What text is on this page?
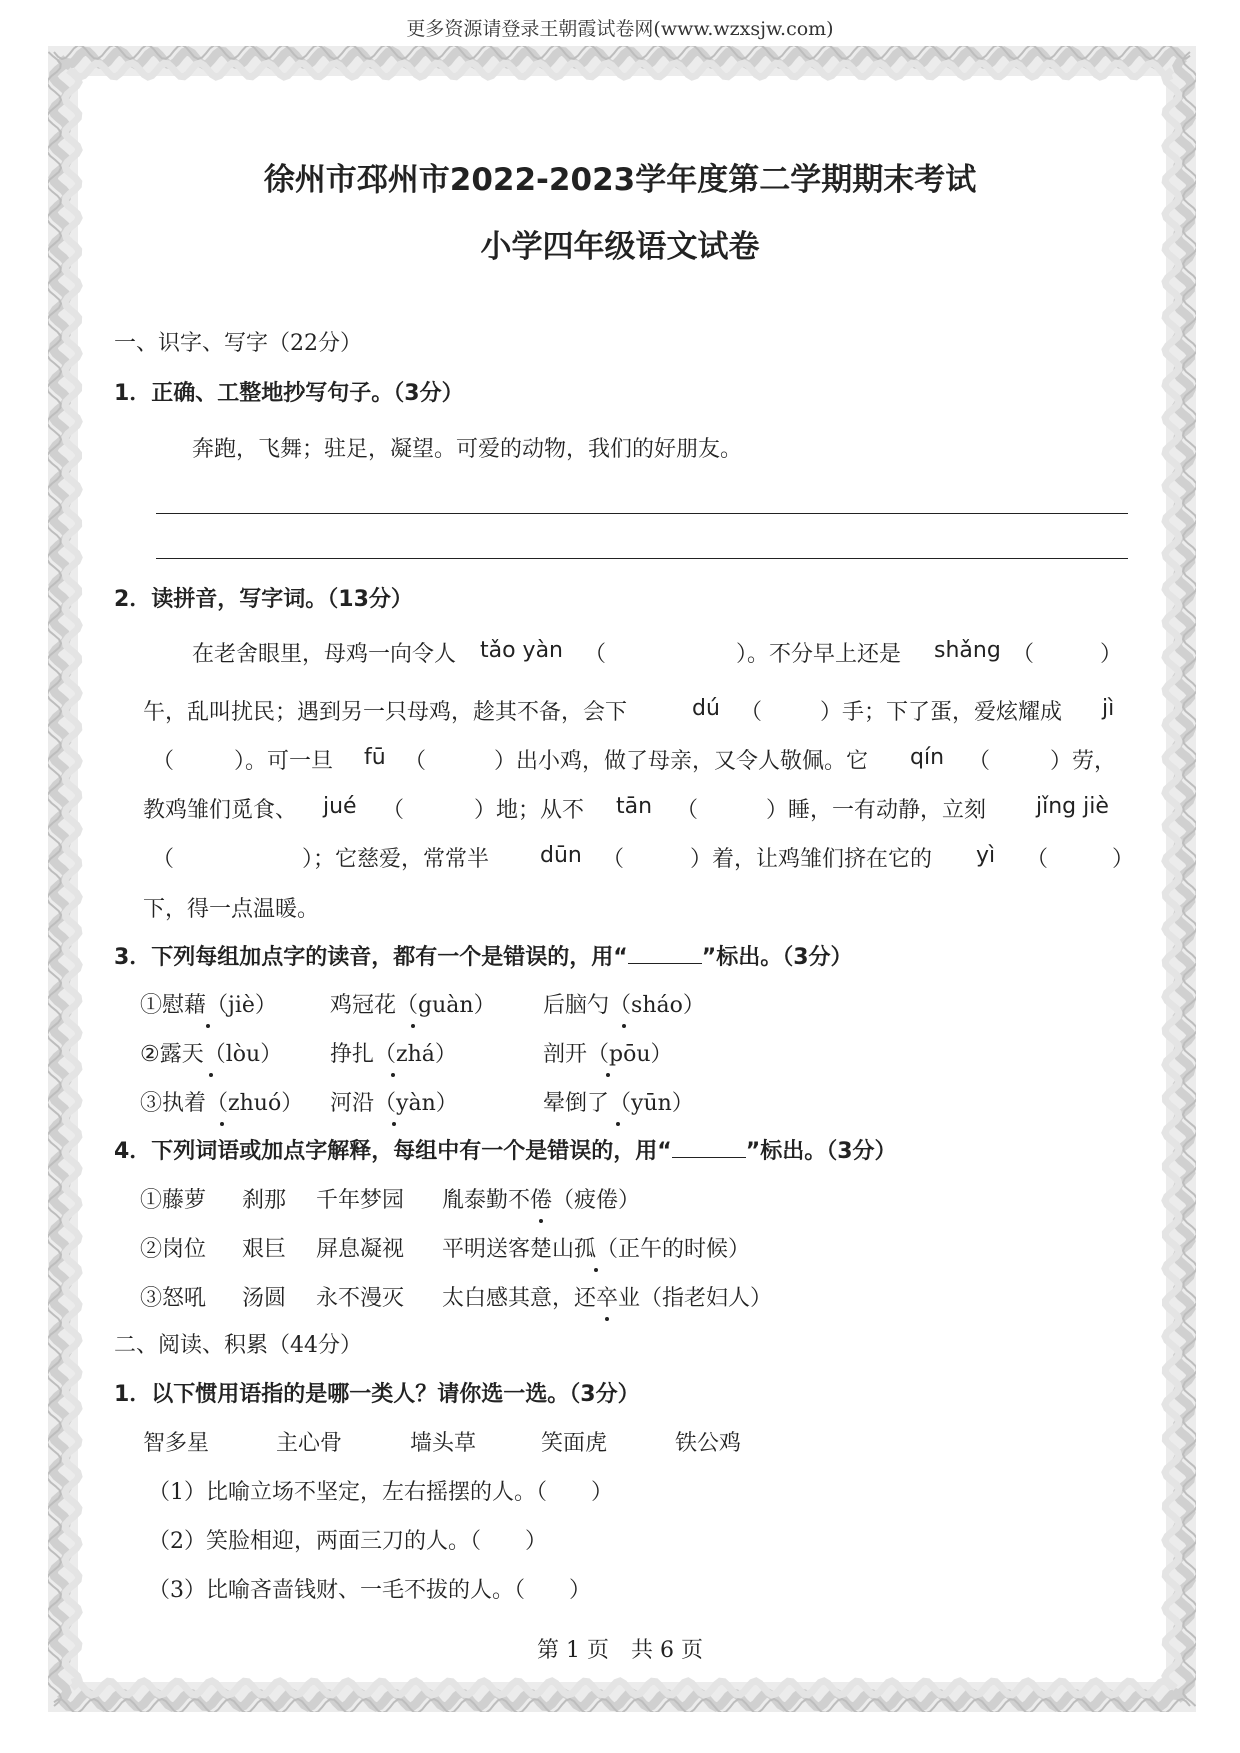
更多资源请登录王朝霞试卷网(www.wzxsjw.com)
徐州市邳州市2022-2023学年度第二学期期末考试
小学四年级语文试卷
一、识字、写字（22分）
1．正确、工整地抄写句子。（3分）
奔跑，飞舞；驻足，凝望。可爱的动物，我们的好朋友。
2．读拼音，写字词。（13分）
在老舍眼里，母鸡一向令人 tǎo yàn （	）。不分早上还是 shǎng （	）
午，乱叫扰民；遇到另一只母鸡，趁其不备，会下	dú （	）手；下了蛋，爱炫耀成 jì
（	）。可一旦 fū （	）出小鸡，做了母亲，又令人敬佩。它 qín （	）劳，
教鸡雏们觅食、 jué （	）地；从不 tān （	）睡，一有动静，立刻 jǐng jiè
（	）；它慈爱，常常半 dūn （	）着，让鸡雏们挤在它的 yì （	）
下，得一点温暖。
3．下列每组加点字的读音，都有一个是错误的，用“	”标出。（3分）
①慰藉（jiè） 鸡冠花（guàn） 后脑勺（sháo）
②露天（lòu） 挣扎（zhá）	剖开（pōu）
③执着（zhuó） 河沿（yàn）	晕倒了（yūn）
4．下列词语或加点字解释，每组中有一个是错误的，用“	”标出。（3分）
①藤萝 刹那 千年梦园 胤泰勤不倦（疲倦）
②岗位 艰巨 屏息凝视 平明送客楚山孤（正午的时候）
③怒吼 汤圆 永不漫灭 太白感其意，还卒业（指老妇人）
二、阅读、积累（44分）
1．以下惯用语指的是哪一类人？请你选一选。（3分）
智多星	主心骨	墙头草	笑面虎	铁公鸡
（1）比喻立场不坚定，左右摇摆的人。（　　）
（2）笑脸相迎，两面三刀的人。（　　）
（3）比喻吝啬钱财、一毛不拔的人。（　　）
第 1 页　共 6 页
